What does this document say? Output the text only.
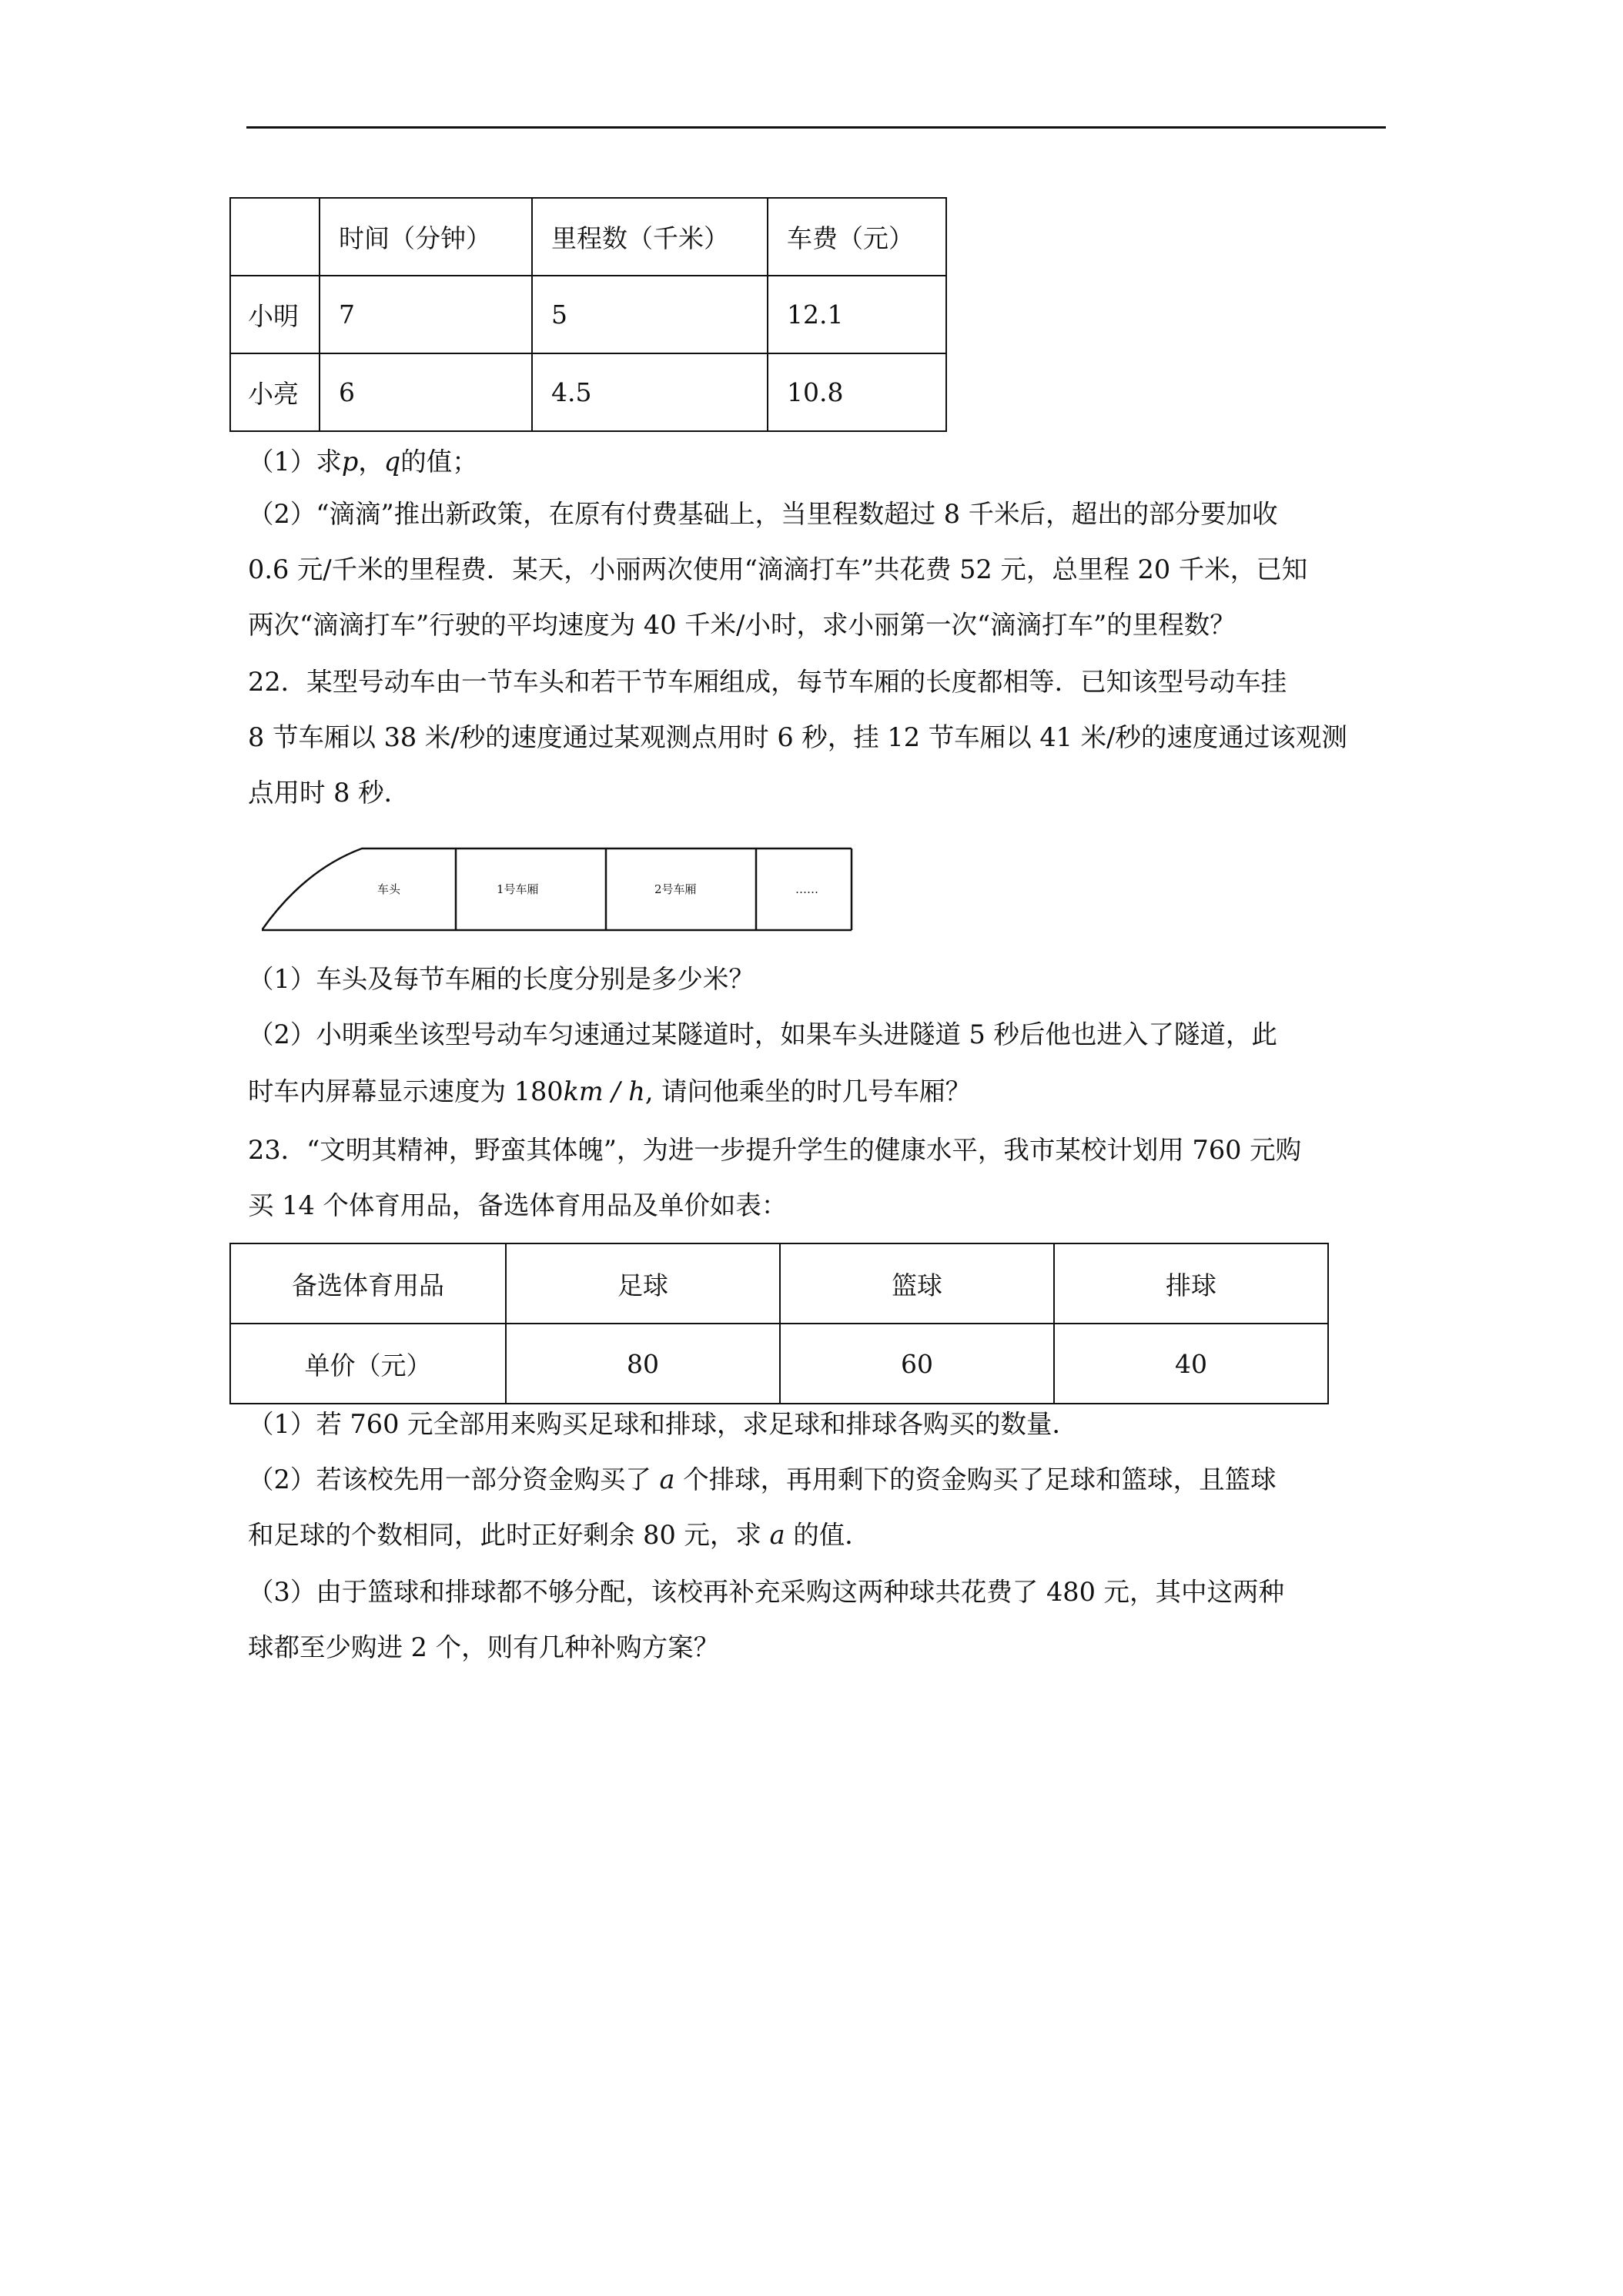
	时间（分钟）	里程数（千米）	车费（元）
小明	7	5	12.1
小亮	6	4.5	10.8
（1）求p，q的值；
（2）“滴滴”推出新政策，在原有付费基础上，当里程数超过 8 千米后，超出的部分要加收
0.6 元/千米的里程费．某天，小丽两次使用“滴滴打车”共花费 52 元，总里程 20 千米，已知
两次“滴滴打车”行驶的平均速度为 40 千米/小时，求小丽第一次“滴滴打车”的里程数？
22．某型号动车由一节车头和若干节车厢组成，每节车厢的长度都相等．已知该型号动车挂
8 节车厢以 38 米/秒的速度通过某观测点用时 6 秒，挂 12 节车厢以 41 米/秒的速度通过该观测
点用时 8 秒．
车头	1号车厢	2号车厢	……
（1）车头及每节车厢的长度分别是多少米？
（2）小明乘坐该型号动车匀速通过某隧道时，如果车头进隧道 5 秒后他也进入了隧道，此
时车内屏幕显示速度为 180km / h, 请问他乘坐的时几号车厢？
23．“文明其精神，野蛮其体魄”，为进一步提升学生的健康水平，我市某校计划用 760 元购
买 14 个体育用品，备选体育用品及单价如表：
备选体育用品	足球	篮球	排球
单价（元）	80	60	40
（1）若 760 元全部用来购买足球和排球，求足球和排球各购买的数量．
（2）若该校先用一部分资金购买了 a 个排球，再用剩下的资金购买了足球和篮球，且篮球
和足球的个数相同，此时正好剩余 80 元，求 a 的值．
（3）由于篮球和排球都不够分配，该校再补充采购这两种球共花费了 480 元，其中这两种
球都至少购进 2 个，则有几种补购方案？
